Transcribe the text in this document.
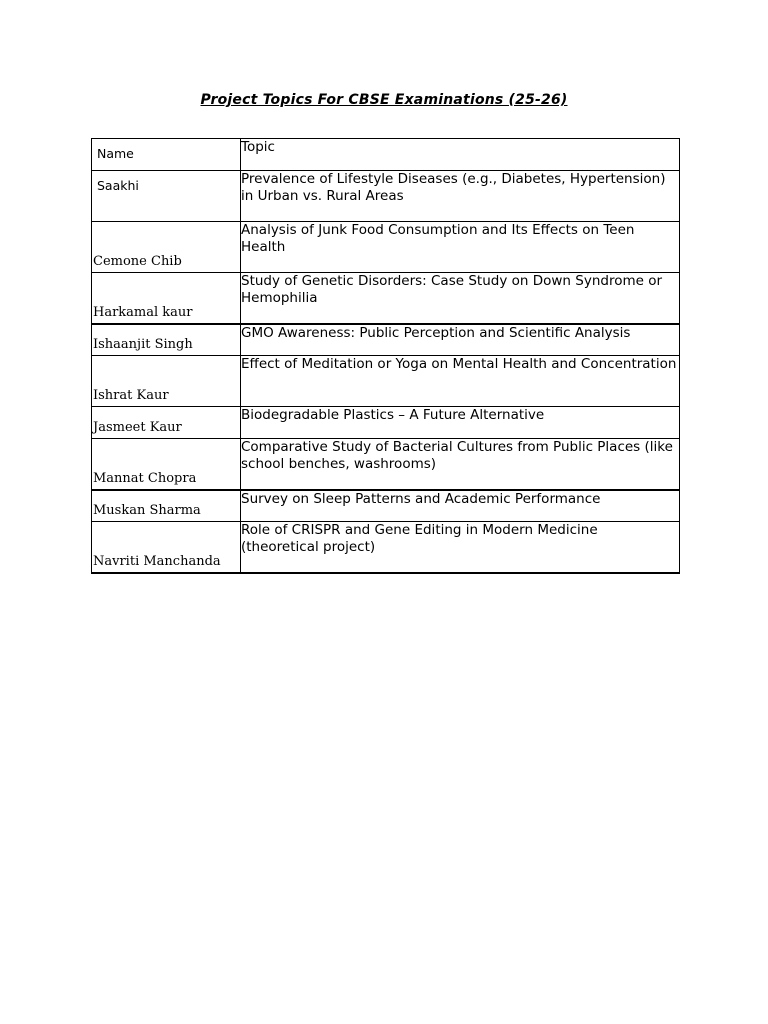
Project Topics For CBSE Examinations (25-26)
Name	Topic

Saakhi	Prevalence of Lifestyle Diseases (e.g., Diabetes, Hypertension) in Urban vs. Rural Areas

Cemone Chib	Analysis of Junk Food Consumption and Its Effects on Teen Health

Harkamal kaur	Study of Genetic Disorders: Case Study on Down Syndrome or Hemophilia

Ishaanjit Singh	GMO Awareness: Public Perception and Scientific Analysis

Ishrat Kaur	Effect of Meditation or Yoga on Mental Health and Concentration

Jasmeet Kaur	Biodegradable Plastics – A Future Alternative

Mannat Chopra	Comparative Study of Bacterial Cultures from Public Places (like school benches, washrooms)

Muskan Sharma	Survey on Sleep Patterns and Academic Performance

Navriti Manchanda	Role of CRISPR and Gene Editing in Modern Medicine (theoretical project)
